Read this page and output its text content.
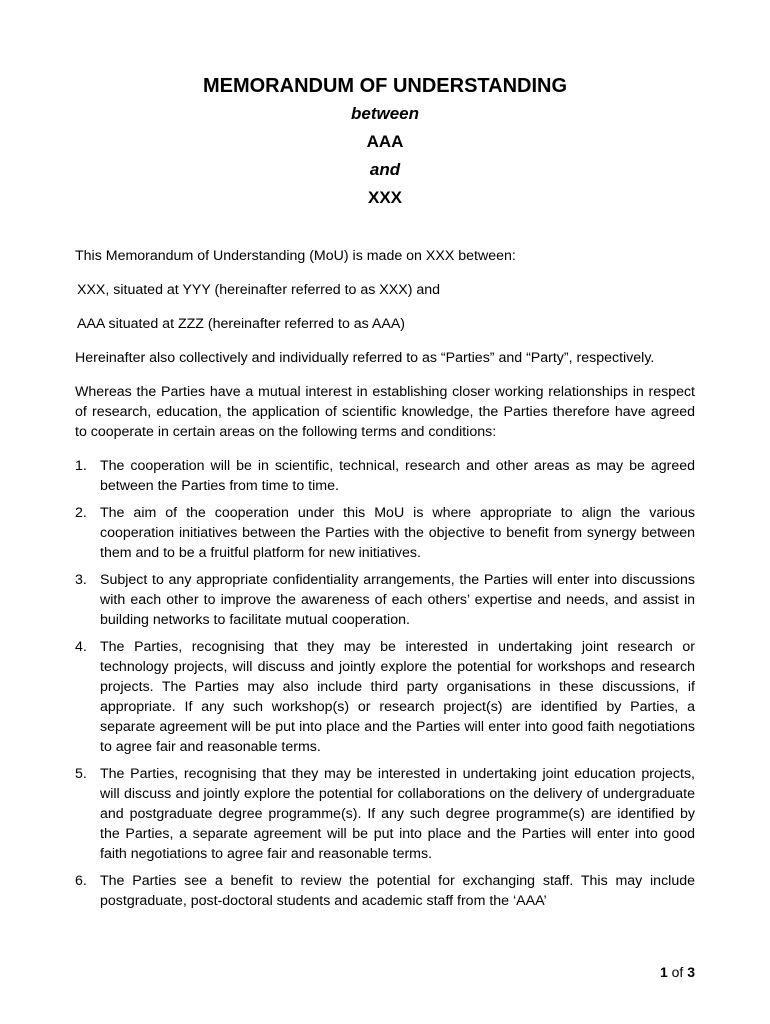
MEMORANDUM OF UNDERSTANDING
between
AAA
and
XXX

This Memorandum of Understanding (MoU) is made on XXX between:

XXX, situated at YYY (hereinafter referred to as XXX) and

AAA situated at ZZZ (hereinafter referred to as AAA)

Hereinafter also collectively and individually referred to as “Parties” and “Party”, respectively.

Whereas the Parties have a mutual interest in establishing closer working relationships in respect of research, education, the application of scientific knowledge, the Parties therefore have agreed to cooperate in certain areas on the following terms and conditions:

1. The cooperation will be in scientific, technical, research and other areas as may be agreed between the Parties from time to time.
2. The aim of the cooperation under this MoU is where appropriate to align the various cooperation initiatives between the Parties with the objective to benefit from synergy between them and to be a fruitful platform for new initiatives.
3. Subject to any appropriate confidentiality arrangements, the Parties will enter into discussions with each other to improve the awareness of each others’ expertise and needs, and assist in building networks to facilitate mutual cooperation.
4. The Parties, recognising that they may be interested in undertaking joint research or technology projects, will discuss and jointly explore the potential for workshops and research projects. The Parties may also include third party organisations in these discussions, if appropriate. If any such workshop(s) or research project(s) are identified by Parties, a separate agreement will be put into place and the Parties will enter into good faith negotiations to agree fair and reasonable terms.
5. The Parties, recognising that they may be interested in undertaking joint education projects, will discuss and jointly explore the potential for collaborations on the delivery of undergraduate and postgraduate degree programme(s). If any such degree programme(s) are identified by the Parties, a separate agreement will be put into place and the Parties will enter into good faith negotiations to agree fair and reasonable terms.
6. The Parties see a benefit to review the potential for exchanging staff. This may include postgraduate, post-doctoral students and academic staff from the ‘AAA’
1 of 3
